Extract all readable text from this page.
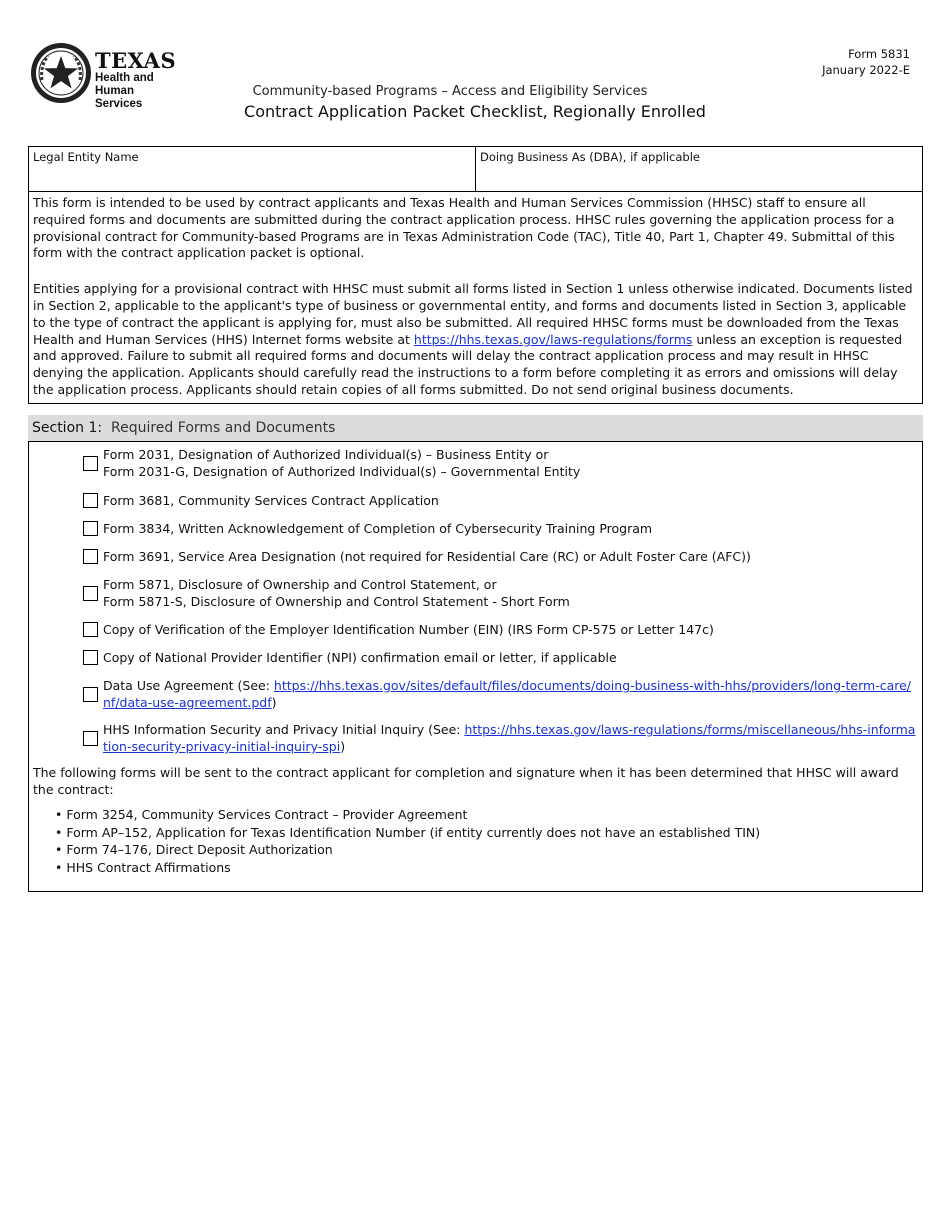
TEXAS
Health and Human
Services
Form 5831
January 2022-E
Community-based Programs – Access and Eligibility Services
Contract Application Packet Checklist, Regionally Enrolled
Legal Entity Name	Doing Business As (DBA), if applicable

This form is intended to be used by contract applicants and Texas Health and Human Services Commission (HHSC) staff to ensure all required forms and documents are submitted during the contract application process. HHSC rules governing the application process for a provisional contract for Community-based Programs are in Texas Administration Code (TAC), Title 40, Part 1, Chapter 49. Submittal of this form with the contract application packet is optional.

Entities applying for a provisional contract with HHSC must submit all forms listed in Section 1 unless otherwise indicated. Documents listed in Section 2, applicable to the applicant's type of business or governmental entity, and forms and documents listed in Section 3, applicable to the type of contract the applicant is applying for, must also be submitted. All required HHSC forms must be downloaded from the Texas Health and Human Services (HHS) Internet forms website at https://hhs.texas.gov/laws-regulations/forms unless an exception is requested and approved. Failure to submit all required forms and documents will delay the contract application process and may result in HHSC denying the application. Applicants should carefully read the instructions to a form before completing it as errors and omissions will delay the application process. Applicants should retain copies of all forms submitted. Do not send original business documents.

Section 1: Required Forms and Documents
Form 2031, Designation of Authorized Individual(s) – Business Entity or
Form 2031-G, Designation of Authorized Individual(s) – Governmental Entity
Form 3681, Community Services Contract Application
Form 3834, Written Acknowledgement of Completion of Cybersecurity Training Program
Form 3691, Service Area Designation (not required for Residential Care (RC) or Adult Foster Care (AFC))
Form 5871, Disclosure of Ownership and Control Statement, or
Form 5871-S, Disclosure of Ownership and Control Statement - Short Form
Copy of Verification of the Employer Identification Number (EIN) (IRS Form CP-575 or Letter 147c)
Copy of National Provider Identifier (NPI) confirmation email or letter, if applicable
Data Use Agreement (See: https://hhs.texas.gov/sites/default/files/documents/doing-business-with-hhs/providers/long-term-care/nf/data-use-agreement.pdf)
HHS Information Security and Privacy Initial Inquiry (See: https://hhs.texas.gov/laws-regulations/forms/miscellaneous/hhs-information-security-privacy-initial-inquiry-spi)
The following forms will be sent to the contract applicant for completion and signature when it has been determined that HHSC will award the contract:
• Form 3254, Community Services Contract – Provider Agreement
• Form AP–152, Application for Texas Identification Number (if entity currently does not have an established TIN)
• Form 74–176, Direct Deposit Authorization
• HHS Contract Affirmations
